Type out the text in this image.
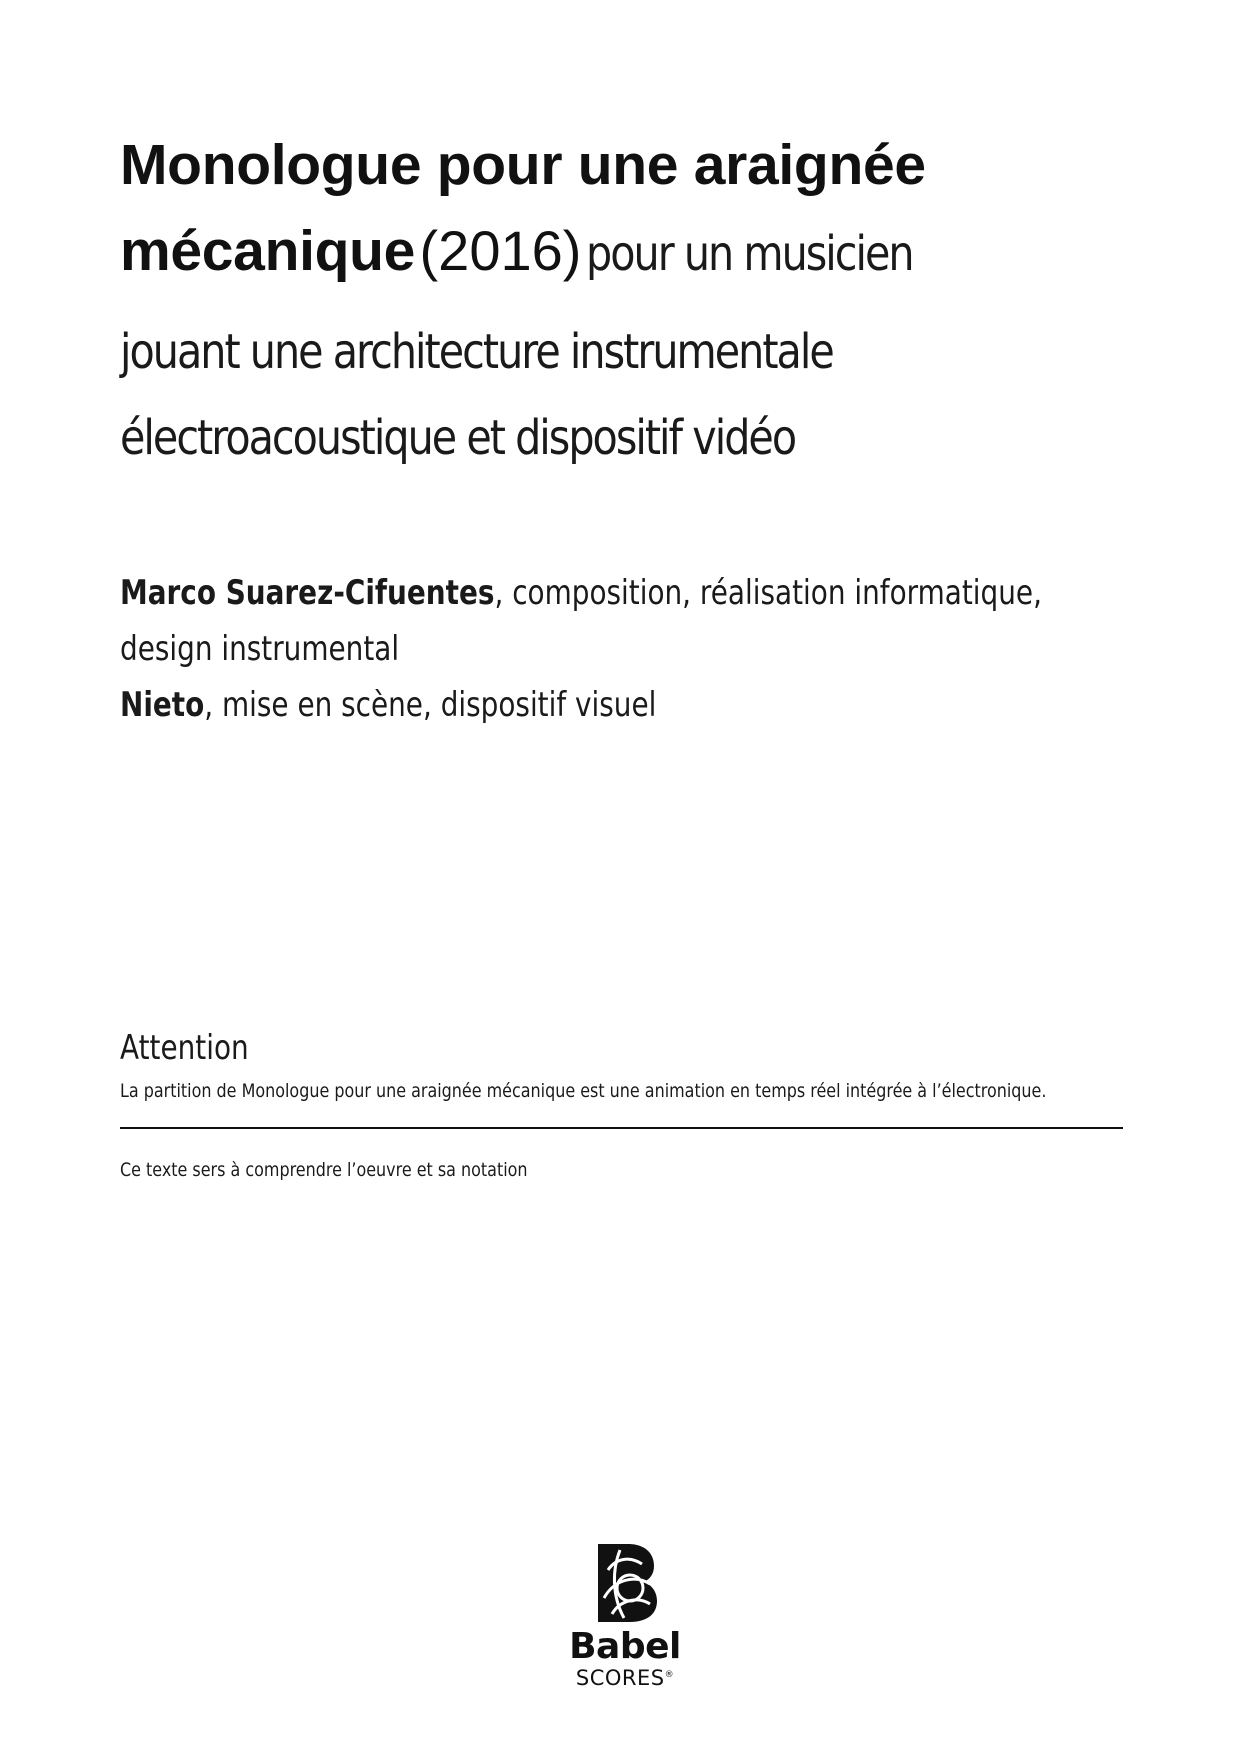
Monologue pour une araignée
mécanique (2016) pour un musicien
jouant une architecture instrumentale
électroacoustique et dispositif vidéo
Marco Suarez-Cifuentes, composition, réalisation informatique,
design instrumental
Nieto, mise en scène, dispositif visuel
Attention
La partition de Monologue pour une araignée mécanique est une animation en temps réel intégrée à l’électronique.
Ce texte sers à comprendre l’oeuvre et sa notation
Babel
SCORES®
